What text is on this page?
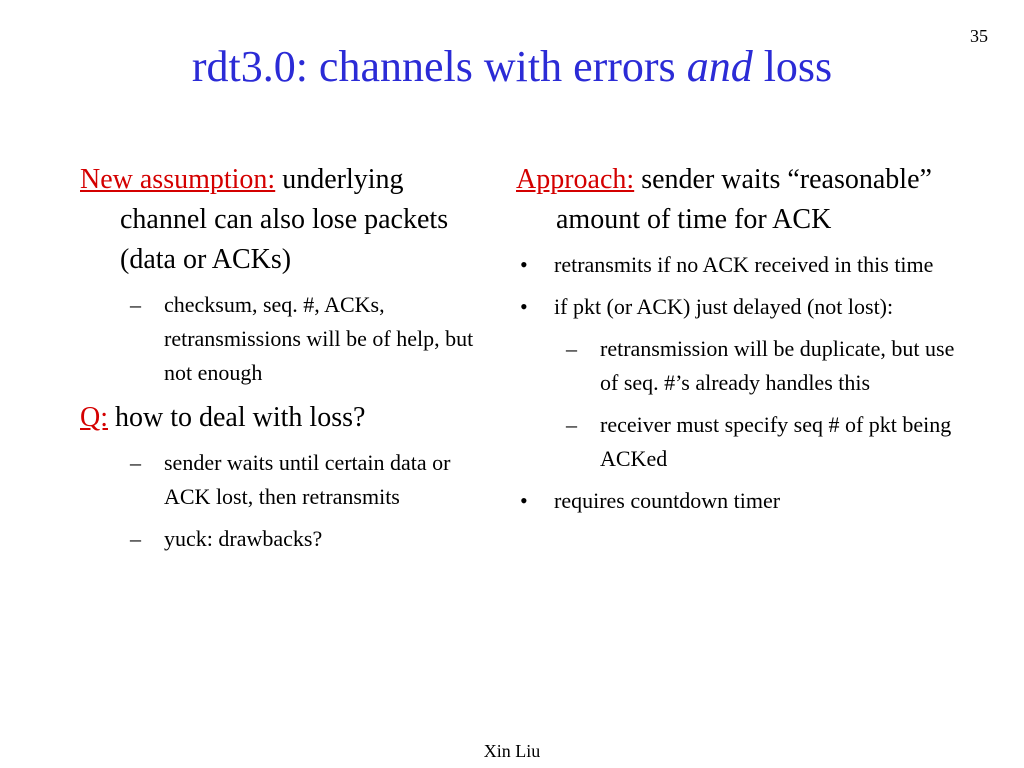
35
rdt3.0: channels with errors and loss

New assumption: underlying channel can also lose packets (data or ACKs)

– checksum, seq. #, ACKs, retransmissions will be of help, but not enough

Q: how to deal with loss?

– sender waits until certain data or ACK lost, then retransmits
– yuck: drawbacks?

Approach: sender waits “reasonable” amount of time for ACK

• retransmits if no ACK received in this time
• if pkt (or ACK) just delayed (not lost):
– retransmission will be duplicate, but use of seq. #’s already handles this
– receiver must specify seq # of pkt being ACKed
• requires countdown timer
Xin Liu
